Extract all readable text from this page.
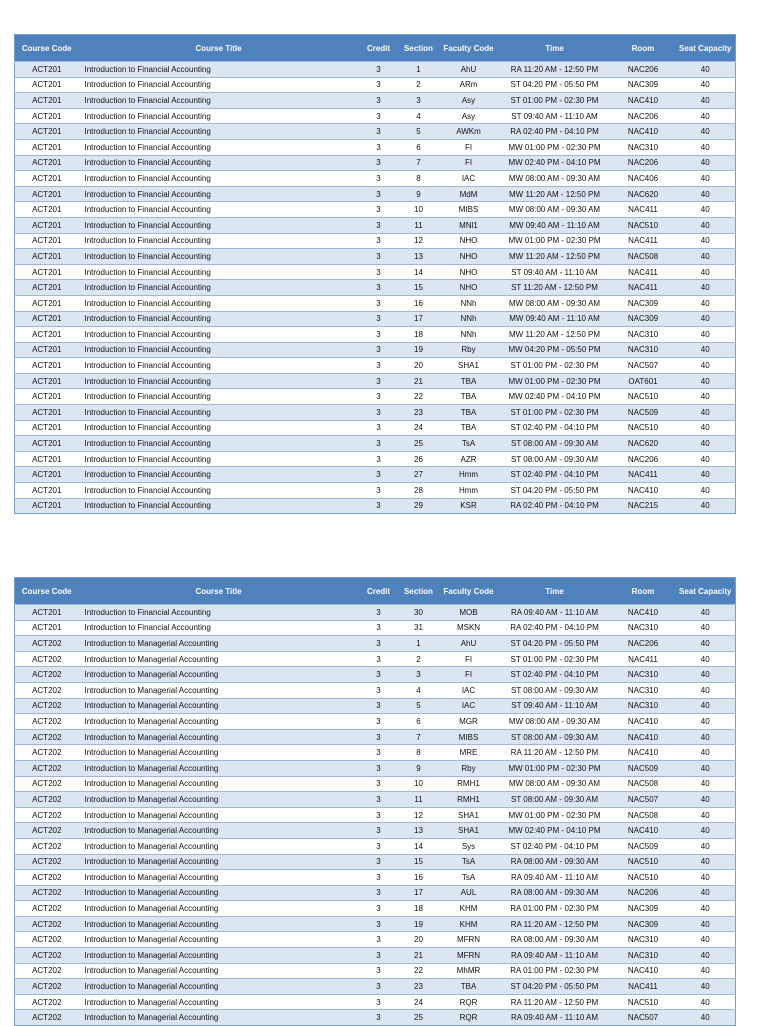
Course Code	Course Title	Credit	Section	Faculty Code	Time	Room	Seat Capacity
ACT201	Introduction to Financial Accounting	3	1	AhU	RA 11:20 AM - 12:50 PM	NAC206	40
ACT201	Introduction to Financial Accounting	3	2	ARm	ST 04:20 PM - 05:50 PM	NAC309	40
ACT201	Introduction to Financial Accounting	3	3	Asy	ST 01:00 PM - 02:30 PM	NAC410	40
ACT201	Introduction to Financial Accounting	3	4	Asy	ST 09:40 AM - 11:10 AM	NAC206	40
ACT201	Introduction to Financial Accounting	3	5	AWKm	RA 02:40 PM - 04:10 PM	NAC410	40
ACT201	Introduction to Financial Accounting	3	6	FI	MW 01:00 PM - 02:30 PM	NAC310	40
ACT201	Introduction to Financial Accounting	3	7	FI	MW 02:40 PM - 04:10 PM	NAC206	40
ACT201	Introduction to Financial Accounting	3	8	IAC	MW 08:00 AM - 09:30 AM	NAC406	40
ACT201	Introduction to Financial Accounting	3	9	MdM	MW 11:20 AM - 12:50 PM	NAC620	40
ACT201	Introduction to Financial Accounting	3	10	MIBS	MW 08:00 AM - 09:30 AM	NAC411	40
ACT201	Introduction to Financial Accounting	3	11	MNl1	MW 09:40 AM - 11:10 AM	NAC510	40
ACT201	Introduction to Financial Accounting	3	12	NHO	MW 01:00 PM - 02:30 PM	NAC411	40
ACT201	Introduction to Financial Accounting	3	13	NHO	MW 11:20 AM - 12:50 PM	NAC508	40
ACT201	Introduction to Financial Accounting	3	14	NHO	ST 09:40 AM - 11:10 AM	NAC411	40
ACT201	Introduction to Financial Accounting	3	15	NHO	ST 11:20 AM - 12:50 PM	NAC411	40
ACT201	Introduction to Financial Accounting	3	16	NNh	MW 08:00 AM - 09:30 AM	NAC309	40
ACT201	Introduction to Financial Accounting	3	17	NNh	MW 09:40 AM - 11:10 AM	NAC309	40
ACT201	Introduction to Financial Accounting	3	18	NNh	MW 11:20 AM - 12:50 PM	NAC310	40
ACT201	Introduction to Financial Accounting	3	19	Rby	MW 04:20 PM - 05:50 PM	NAC310	40
ACT201	Introduction to Financial Accounting	3	20	SHA1	ST 01:00 PM - 02:30 PM	NAC507	40
ACT201	Introduction to Financial Accounting	3	21	TBA	MW 01:00 PM - 02:30 PM	OAT601	40
ACT201	Introduction to Financial Accounting	3	22	TBA	MW 02:40 PM - 04:10 PM	NAC510	40
ACT201	Introduction to Financial Accounting	3	23	TBA	ST 01:00 PM - 02:30 PM	NAC509	40
ACT201	Introduction to Financial Accounting	3	24	TBA	ST 02:40 PM - 04:10 PM	NAC510	40
ACT201	Introduction to Financial Accounting	3	25	TsA	ST 08:00 AM - 09:30 AM	NAC620	40
ACT201	Introduction to Financial Accounting	3	26	AZR	ST 08:00 AM - 09:30 AM	NAC206	40
ACT201	Introduction to Financial Accounting	3	27	Hmm	ST 02:40 PM - 04:10 PM	NAC411	40
ACT201	Introduction to Financial Accounting	3	28	Hmm	ST 04:20 PM - 05:50 PM	NAC410	40
ACT201	Introduction to Financial Accounting	3	29	KSR	RA 02:40 PM - 04:10 PM	NAC215	40
Course Code	Course Title	Credit	Section	Faculty Code	Time	Room	Seat Capacity
ACT201	Introduction to Financial Accounting	3	30	MOB	RA 09:40 AM - 11:10 AM	NAC410	40
ACT201	Introduction to Financial Accounting	3	31	MSKN	RA 02:40 PM - 04:10 PM	NAC310	40
ACT202	Introduction to Managerial Accounting	3	1	AhU	ST 04:20 PM - 05:50 PM	NAC206	40
ACT202	Introduction to Managerial Accounting	3	2	FI	ST 01:00 PM - 02:30 PM	NAC411	40
ACT202	Introduction to Managerial Accounting	3	3	FI	ST 02:40 PM - 04:10 PM	NAC310	40
ACT202	Introduction to Managerial Accounting	3	4	IAC	ST 08:00 AM - 09:30 AM	NAC310	40
ACT202	Introduction to Managerial Accounting	3	5	IAC	ST 09:40 AM - 11:10 AM	NAC310	40
ACT202	Introduction to Managerial Accounting	3	6	MGR	MW 08:00 AM - 09:30 AM	NAC410	40
ACT202	Introduction to Managerial Accounting	3	7	MIBS	ST 08:00 AM - 09:30 AM	NAC410	40
ACT202	Introduction to Managerial Accounting	3	8	MRE	RA 11:20 AM - 12:50 PM	NAC410	40
ACT202	Introduction to Managerial Accounting	3	9	Rby	MW 01:00 PM - 02:30 PM	NAC509	40
ACT202	Introduction to Managerial Accounting	3	10	RMH1	MW 08:00 AM - 09:30 AM	NAC508	40
ACT202	Introduction to Managerial Accounting	3	11	RMH1	ST 08:00 AM - 09:30 AM	NAC507	40
ACT202	Introduction to Managerial Accounting	3	12	SHA1	MW 01:00 PM - 02:30 PM	NAC508	40
ACT202	Introduction to Managerial Accounting	3	13	SHA1	MW 02:40 PM - 04:10 PM	NAC410	40
ACT202	Introduction to Managerial Accounting	3	14	Sys	ST 02:40 PM - 04:10 PM	NAC509	40
ACT202	Introduction to Managerial Accounting	3	15	TsA	RA 08:00 AM - 09:30 AM	NAC510	40
ACT202	Introduction to Managerial Accounting	3	16	TsA	RA 09:40 AM - 11:10 AM	NAC510	40
ACT202	Introduction to Managerial Accounting	3	17	AUL	RA 08:00 AM - 09:30 AM	NAC206	40
ACT202	Introduction to Managerial Accounting	3	18	KHM	RA 01:00 PM - 02:30 PM	NAC309	40
ACT202	Introduction to Managerial Accounting	3	19	KHM	RA 11:20 AM - 12:50 PM	NAC309	40
ACT202	Introduction to Managerial Accounting	3	20	MFRN	RA 08:00 AM - 09:30 AM	NAC310	40
ACT202	Introduction to Managerial Accounting	3	21	MFRN	RA 09:40 AM - 11:10 AM	NAC310	40
ACT202	Introduction to Managerial Accounting	3	22	MhMR	RA 01:00 PM - 02:30 PM	NAC410	40
ACT202	Introduction to Managerial Accounting	3	23	TBA	ST 04:20 PM - 05:50 PM	NAC411	40
ACT202	Introduction to Managerial Accounting	3	24	RQR	RA 11:20 AM - 12:50 PM	NAC510	40
ACT202	Introduction to Managerial Accounting	3	25	RQR	RA 09:40 AM - 11:10 AM	NAC507	40
